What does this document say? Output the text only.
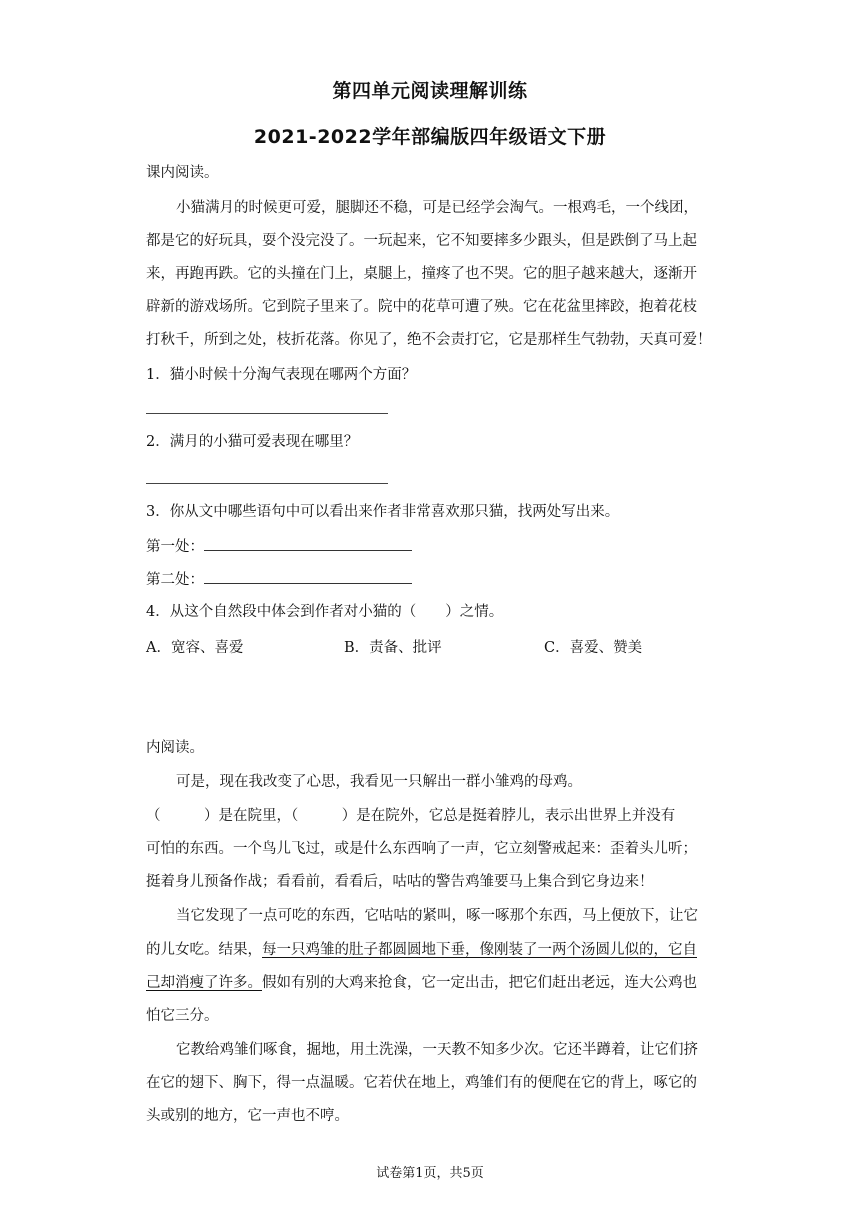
第四单元阅读理解训练
2021-2022学年部编版四年级语文下册
课内阅读。
小猫满月的时候更可爱，腿脚还不稳，可是已经学会淘气。一根鸡毛，一个线团，
都是它的好玩具，耍个没完没了。一玩起来，它不知要摔多少跟头，但是跌倒了马上起
来，再跑再跌。它的头撞在门上，桌腿上，撞疼了也不哭。它的胆子越来越大，逐渐开
辟新的游戏场所。它到院子里来了。院中的花草可遭了殃。它在花盆里摔跤，抱着花枝
打秋千，所到之处，枝折花落。你见了，绝不会责打它，它是那样生气勃勃，天真可爱！
1．猫小时候十分淘气表现在哪两个方面？
2．满月的小猫可爱表现在哪里？
3．你从文中哪些语句中可以看出来作者非常喜欢那只猫，找两处写出来。
第一处：
第二处：
4．从这个自然段中体会到作者对小猫的（　　）之情。
A．宽容、喜爱	B．责备、批评	C．喜爱、赞美
内阅读。
可是，现在我改变了心思，我看见一只解出一群小雏鸡的母鸡。
（　　　）是在院里，（　　　）是在院外，它总是挺着脖儿，表示出世界上并没有
可怕的东西。一个鸟儿飞过，或是什么东西响了一声，它立刻警戒起来：歪着头儿听；
挺着身儿预备作战；看看前，看看后，咕咕的警告鸡雏要马上集合到它身边来！
当它发现了一点可吃的东西，它咕咕的紧叫，啄一啄那个东西，马上便放下，让它
的儿女吃。结果，每一只鸡雏的肚子都圆圆地下垂，像刚装了一两个汤圆儿似的，它自
己却消瘦了许多。假如有别的大鸡来抢食，它一定出击，把它们赶出老远，连大公鸡也
怕它三分。
它教给鸡雏们啄食，掘地，用土洗澡，一天教不知多少次。它还半蹲着，让它们挤
在它的翅下、胸下，得一点温暖。它若伏在地上，鸡雏们有的便爬在它的背上，啄它的
头或别的地方，它一声也不哼。
试卷第1页，共5页
